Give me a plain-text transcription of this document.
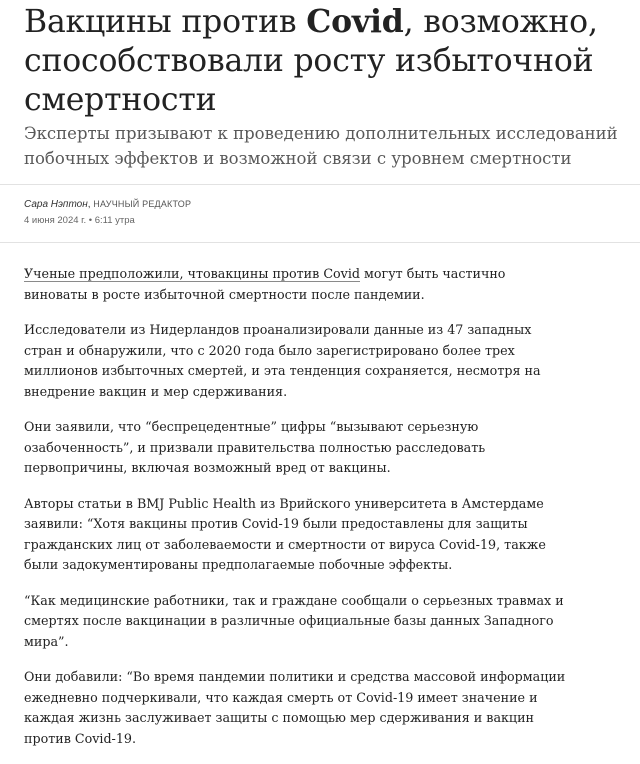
Вакцины против Covid, возможно, способствовали росту избыточной смертности

Эксперты призывают к проведению дополнительных исследований побочных эффектов и возможной связи с уровнем смертности

Сара Нэптон, НАУЧНЫЙ РЕДАКТОР
4 июня 2024 г. • 6:11 утра

Ученые предположили, чтовакцины против Covid могут быть частично виноваты в росте избыточной смертности после пандемии.

Исследователи из Нидерландов проанализировали данные из 47 западных стран и обнаружили, что с 2020 года было зарегистрировано более трех миллионов избыточных смертей, и эта тенденция сохраняется, несмотря на внедрение вакцин и мер сдерживания.

Они заявили, что “беспрецедентные” цифры “вызывают серьезную озабоченность”, и призвали правительства полностью расследовать первопричины, включая возможный вред от вакцины.

Авторы статьи в BMJ Public Health из Врийского университета в Амстердаме заявили: “Хотя вакцины против Covid-19 были предоставлены для защиты гражданских лиц от заболеваемости и смертности от вируса Covid-19, также были задокументированы предполагаемые побочные эффекты.

“Как медицинские работники, так и граждане сообщали о серьезных травмах и смертях после вакцинации в различные официальные базы данных Западного мира”.

Они добавили: “Во время пандемии политики и средства массовой информации ежедневно подчеркивали, что каждая смерть от Covid-19 имеет значение и каждая жизнь заслуживает защиты с помощью мер сдерживания и вакцин против Covid-19.
